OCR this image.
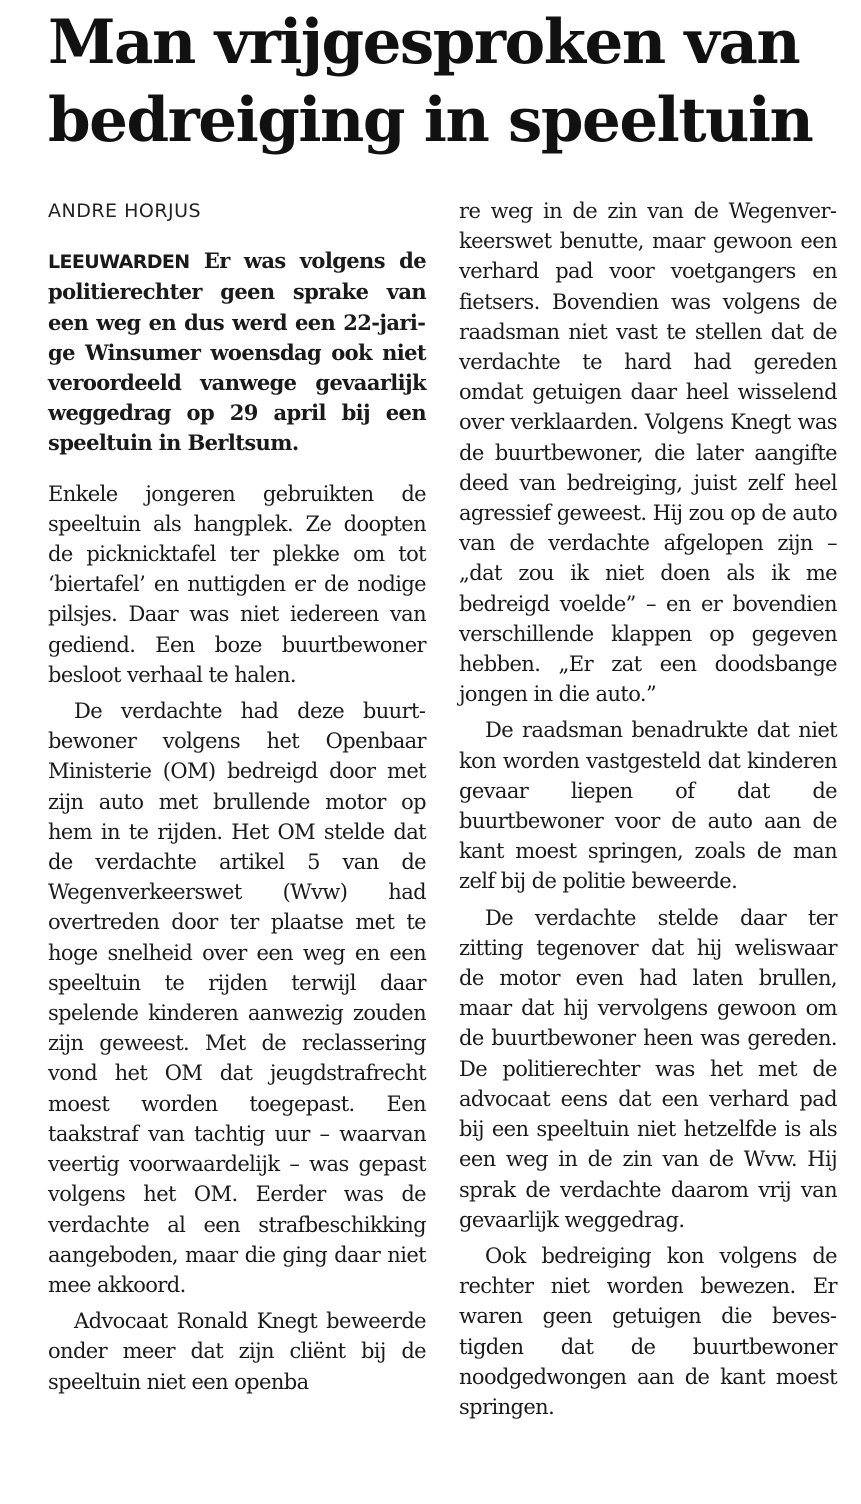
Man vrijgesproken van bedreiging in speeltuin

ANDRE HORJUS

LEEUWARDEN Er was volgens de politierechter geen sprake van een weg en dus werd een 22-jarige Winsumer woensdag ook niet veroordeeld vanwege gevaarlijk weggedrag op 29 april bij een speeltuin in Berltsum.

Enkele jongeren gebruikten de speeltuin als hangplek. Ze doopten de picknicktafel ter plekke om tot ‘biertafel’ en nuttigden er de nodige pilsjes. Daar was niet iedereen van gediend. Een boze buurtbewoner besloot verhaal te halen.

De verdachte had deze buurtbewoner volgens het Openbaar Ministerie (OM) bedreigd door met zijn auto met brullende motor op hem in te rijden. Het OM stelde dat de verdachte artikel 5 van de Wegenverkeerswet (Wvw) had overtreden door ter plaatse met te hoge snelheid over een weg en een speeltuin te rijden terwijl daar spelende kinderen aanwezig zouden zijn geweest. Met de reclassering vond het OM dat jeugdstrafrecht moest worden toegepast. Een taakstraf van tachtig uur – waarvan veertig voorwaardelijk – was gepast volgens het OM. Eerder was de verdachte al een strafbeschikking aangeboden, maar die ging daar niet mee akkoord.

Advocaat Ronald Knegt beweerde onder meer dat zijn cliënt bij de speeltuin niet een openba

re weg in de zin van de Wegenverkeerswet benutte, maar gewoon een verhard pad voor voetgangers en fietsers. Bovendien was volgens de raadsman niet vast te stellen dat de verdachte te hard had gereden omdat getuigen daar heel wisselend over verklaarden. Volgens Knegt was de buurtbewoner, die later aangifte deed van bedreiging, juist zelf heel agressief geweest. Hij zou op de auto van de verdachte afgelopen zijn – „dat zou ik niet doen als ik me bedreigd voelde” – en er bovendien verschillende klappen op gegeven hebben. „Er zat een doodsbange jongen in die auto.”

De raadsman benadrukte dat niet kon worden vastgesteld dat kinderen gevaar liepen of dat de buurtbewoner voor de auto aan de kant moest springen, zoals de man zelf bij de politie beweerde.

De verdachte stelde daar ter zitting tegenover dat hij weliswaar de motor even had laten brullen, maar dat hij vervolgens gewoon om de buurtbewoner heen was gereden. De politierechter was het met de advocaat eens dat een verhard pad bij een speeltuin niet hetzelfde is als een weg in de zin van de Wvw. Hij sprak de verdachte daarom vrij van gevaarlijk weggedrag.

Ook bedreiging kon volgens de rechter niet worden bewezen. Er waren geen getuigen die bevestigden dat de buurtbewoner noodgedwongen aan de kant moest springen.
